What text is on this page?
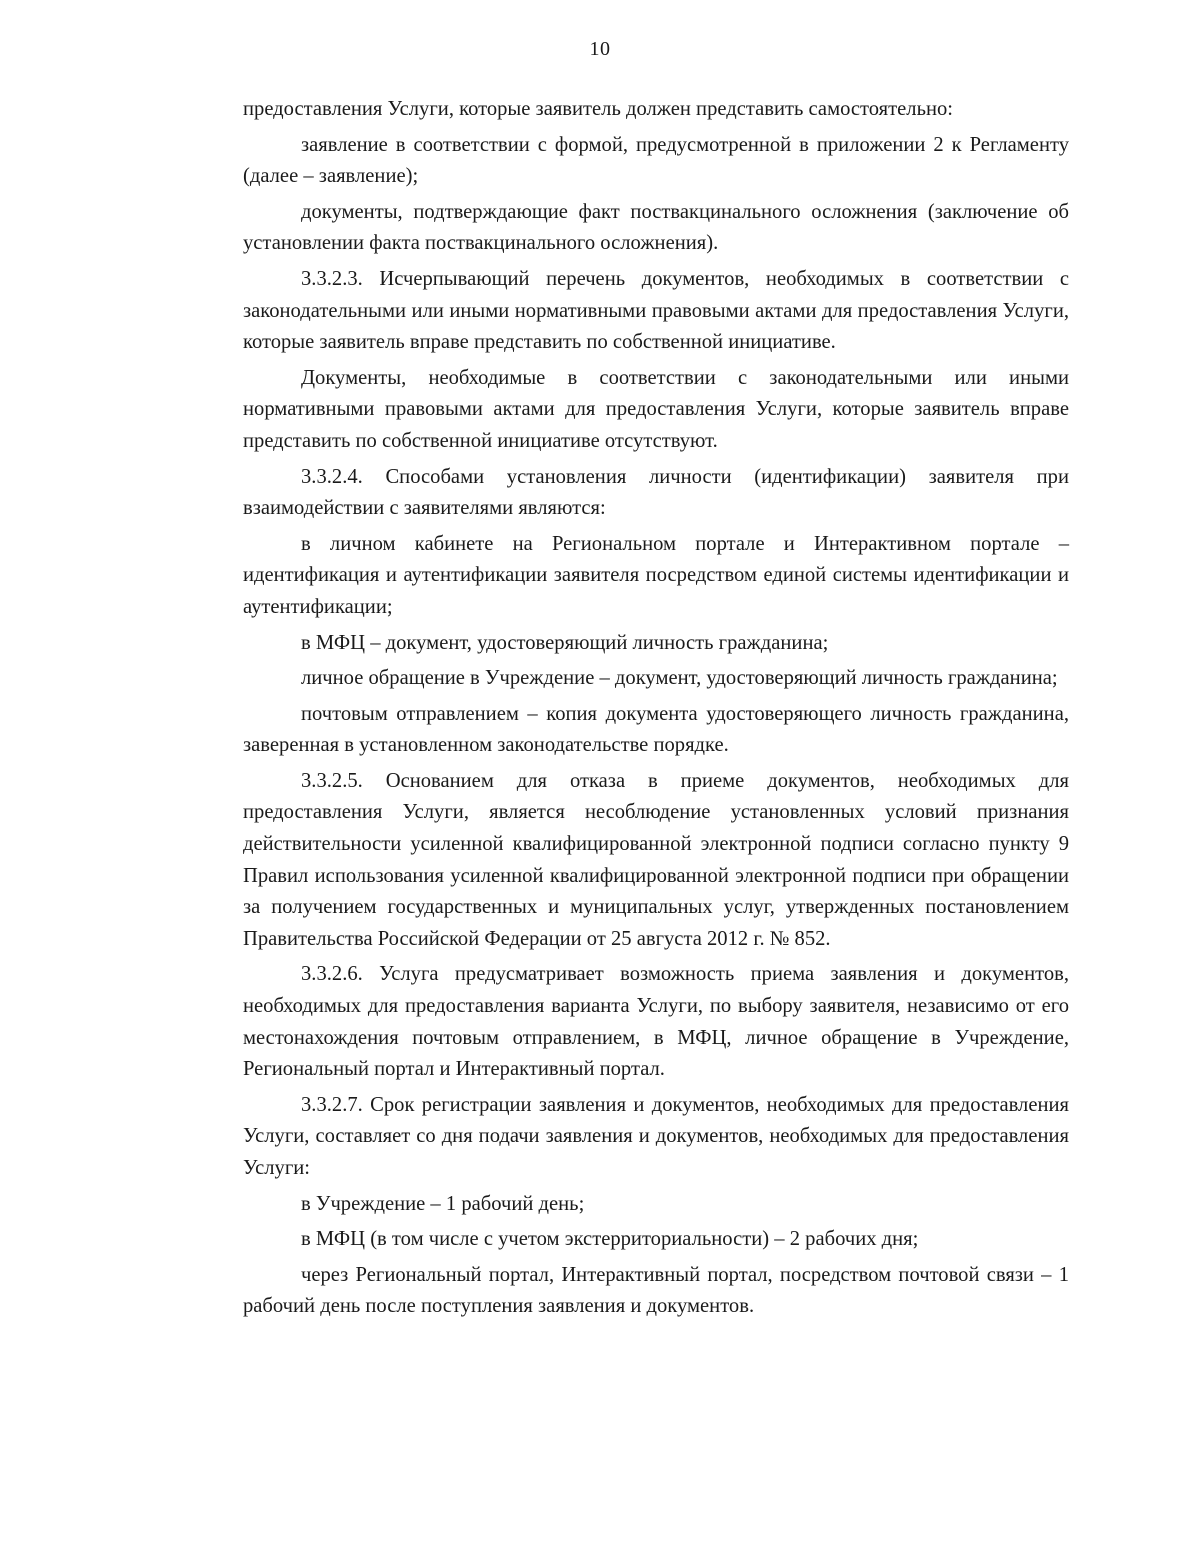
10

предоставления Услуги, которые заявитель должен представить самостоятельно:

заявление в соответствии с формой, предусмотренной в приложении 2 к Регламенту (далее – заявление);

документы, подтверждающие факт поствакцинального осложнения (заключение об установлении факта поствакцинального осложнения).

3.3.2.3. Исчерпывающий перечень документов, необходимых в соответствии с законодательными или иными нормативными правовыми актами для предоставления Услуги, которые заявитель вправе представить по собственной инициативе.

Документы, необходимые в соответствии с законодательными или иными нормативными правовыми актами для предоставления Услуги, которые заявитель вправе представить по собственной инициативе отсутствуют.

3.3.2.4. Способами установления личности (идентификации) заявителя при взаимодействии с заявителями являются:

в личном кабинете на Региональном портале и Интерактивном портале – идентификация и аутентификации заявителя посредством единой системы идентификации и аутентификации;

в МФЦ – документ, удостоверяющий личность гражданина;

личное обращение в Учреждение – документ, удостоверяющий личность гражданина;

почтовым отправлением – копия документа удостоверяющего личность гражданина, заверенная в установленном законодательстве порядке.

3.3.2.5. Основанием для отказа в приеме документов, необходимых для предоставления Услуги, является несоблюдение установленных условий признания действительности усиленной квалифицированной электронной подписи согласно пункту 9 Правил использования усиленной квалифицированной электронной подписи при обращении за получением государственных и муниципальных услуг, утвержденных постановлением Правительства Российской Федерации от 25 августа 2012 г. № 852.

3.3.2.6. Услуга предусматривает возможность приема заявления и документов, необходимых для предоставления варианта Услуги, по выбору заявителя, независимо от его местонахождения почтовым отправлением, в МФЦ, личное обращение в Учреждение, Региональный портал и Интерактивный портал.

3.3.2.7. Срок регистрации заявления и документов, необходимых для предоставления Услуги, составляет со дня подачи заявления и документов, необходимых для предоставления Услуги:

в Учреждение – 1 рабочий день;

в МФЦ (в том числе с учетом экстерриториальности) – 2 рабочих дня;

через Региональный портал, Интерактивный портал, посредством почтовой связи – 1 рабочий день после поступления заявления и документов.
